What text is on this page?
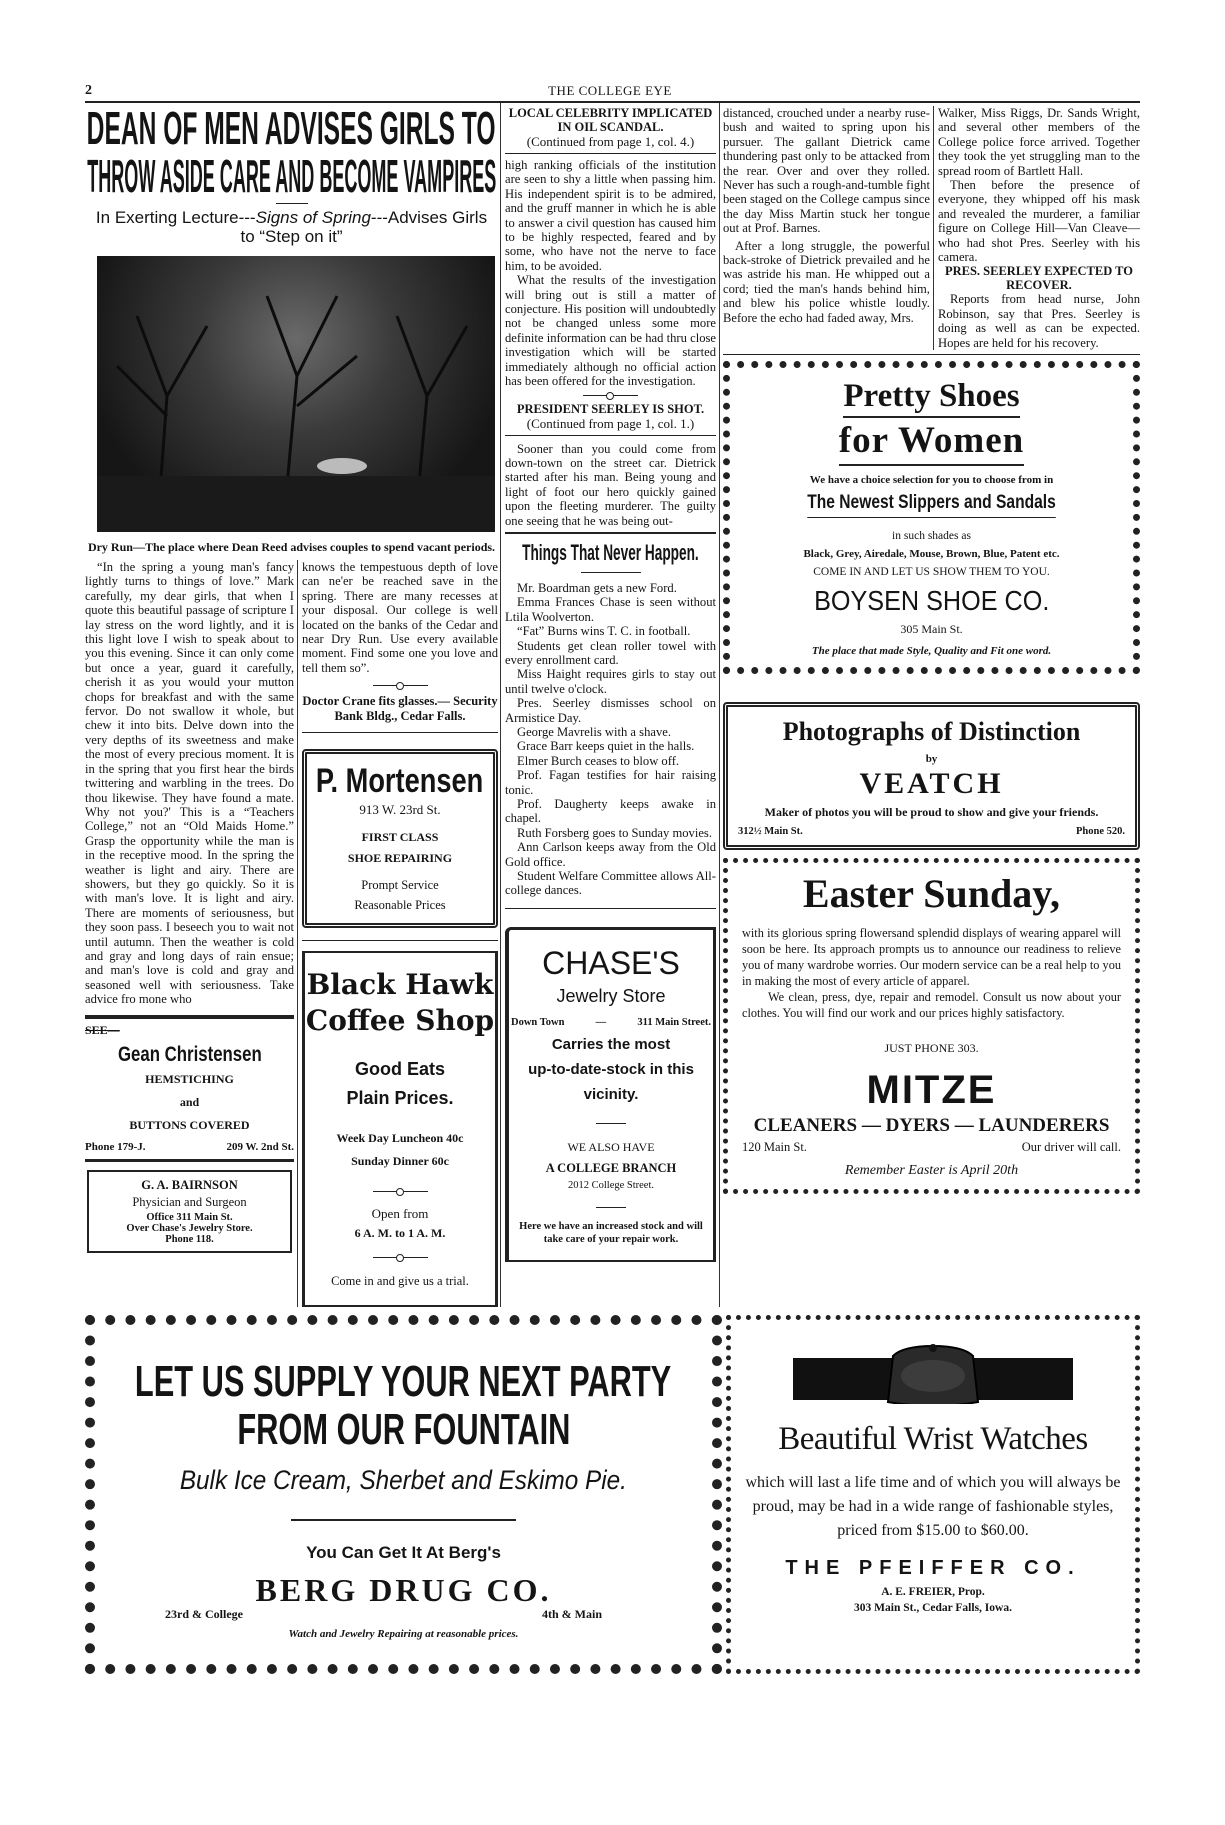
2	THE COLLEGE EYE
DEAN OF MEN ADVISES GIRLS TO
THROW ASIDE CARE AND BECOME VAMPIRES
In Exerting Lecture---Signs of Spring---Advises Girls to “Step on it”
Dry Run—The place where Dean Reed advises couples to spend vacant periods.

“In the spring a young man's fancy lightly turns to things of love.” Mark carefully, my dear girls, that when I quote this beautiful passage of scripture I lay stress on the word lightly, and it is this light love I wish to speak about to you this evening. Since it can only come but once a year, guard it carefully, cherish it as you would your mutton chops for breakfast and with the same fervor. Do not swallow it whole, but chew it into bits. Delve down into the very depths of its sweetness and make the most of every precious moment. It is in the spring that you first hear the birds twittering and warbling in the trees. Do thou likewise. They have found a mate. Why not you?' This is a “Teachers College,” not an “Old Maids Home.” Grasp the opportunity while the man is in the receptive mood. In the spring the weather is light and airy. There are showers, but they go quickly. So it is with man's love. It is light and airy. There are moments of seriousness, but they soon pass. I beseech you to wait not until autumn. Then the weather is cold and gray and long days of rain ensue; and man's love is cold and gray and seasoned well with seriousness. Take advice fro mone who

SEE—
Gean Christensen
HEMSTICHING
and
BUTTONS COVERED
Phone 179-J.	209 W. 2nd St.
G. A. BAIRNSON
Physician and Surgeon
Office 311 Main St.
Over Chase's Jewelry Store.
Phone 118.

knows the tempestuous depth of love can ne'er be reached save in the spring. There are many recesses at your disposal. Our college is well located on the banks of the Cedar and near Dry Run. Use every available moment. Find some one you love and tell them so”.

Doctor Crane fits glasses.— Security Bank Bldg., Cedar Falls.
P. Mortensen
913 W. 23rd St.
FIRST CLASS
SHOE REPAIRING
Prompt Service
Reasonable Prices
Black Hawk
Coffee Shop
Good Eats
Plain Prices.
Week Day Luncheon 40c
Sunday Dinner 60c
Open from
6 A. M. to 1 A. M.
Come in and give us a trial.
LOCAL CELEBRITY IMPLICATED IN OIL SCANDAL.
(Continued from page 1, col. 4.)

high ranking officials of the institution are seen to shy a little when passing him. His independent spirit is to be admired, and the gruff manner in which he is able to answer a civil question has caused him to be highly respected, feared and by some, who have not the nerve to face him, to be avoided.

What the results of the investigation will bring out is still a matter of conjecture. His position will undoubtedly not be changed unless some more definite information can be had thru close investigation which will be started immediately although no official action has been offered for the investigation.

PRESIDENT SEERLEY IS SHOT.
(Continued from page 1, col. 1.)

Sooner than you could come from down-town on the street car. Dietrick started after his man. Being young and light of foot our hero quickly gained upon the fleeting murderer. The guilty one seeing that he was being out-

Things That Never Happen.

Mr. Boardman gets a new Ford.

Emma Frances Chase is seen without Ltila Woolverton.

“Fat” Burns wins T. C. in football.

Students get clean roller towel with every enrollment card.

Miss Haight requires girls to stay out until twelve o'clock.

Pres. Seerley dismisses school on Armistice Day.

George Mavrelis with a shave.

Grace Barr keeps quiet in the halls.

Elmer Burch ceases to blow off.

Prof. Fagan testifies for hair raising tonic.

Prof. Daugherty keeps awake in chapel.

Ruth Forsberg goes to Sunday movies.

Ann Carlson keeps away from the Old Gold office.

Student Welfare Committee allows All-college dances.

CHASE'S
Jewelry Store
Down Town	—	311 Main Street.
Carries the most
up-to-date-stock in this
vicinity.
WE ALSO HAVE
A COLLEGE BRANCH
2012 College Street.
Here we have an increased stock and will take care of your repair work.

distanced, crouched under a nearby ruse-bush and waited to spring upon his pursuer. The gallant Dietrick came thundering past only to be attacked from the rear. Over and over they rolled. Never has such a rough-and-tumble fight been staged on the College campus since the day Miss Martin stuck her tongue out at Prof. Barnes.

After a long struggle, the powerful back-stroke of Dietrick prevailed and he was astride his man. He whipped out a cord; tied the man's hands behind him, and blew his police whistle loudly. Before the echo had faded away, Mrs.

Walker, Miss Riggs, Dr. Sands Wright, and several other members of the College police force arrived. Together they took the yet struggling man to the spread room of Bartlett Hall.

Then before the presence of everyone, they whipped off his mask and revealed the murderer, a familiar figure on College Hill—Van Cleave—who had shot Pres. Seerley with his camera.

PRES. SEERLEY EXPECTED TO RECOVER.

Reports from head nurse, John Robinson, say that Pres. Seerley is doing as well as can be expected. Hopes are held for his recovery.

Pretty Shoes
for Women
We have a choice selection for you to choose from in
The Newest Slippers and Sandals
in such shades as
Black, Grey, Airedale, Mouse, Brown, Blue, Patent etc.
COME IN AND LET US SHOW THEM TO YOU.
BOYSEN SHOE CO.
305 Main St.
The place that made Style, Quality and Fit one word.
Photographs of Distinction
by
VEATCH
Maker of photos you will be proud to show and give your friends.
312½ Main St.	Phone 520.
Easter Sunday,

with its glorious spring flowersand splendid displays of wearing apparel will soon be here. Its approach prompts us to announce our readiness to relieve you of many wardrobe worries. Our modern service can be a real help to you in making the most of every article of apparel.

We clean, press, dye, repair and remodel. Consult us now about your clothes. You will find our work and our prices highly satisfactory.

JUST PHONE 303.
MITZE
CLEANERS — DYERS — LAUNDERERS
120 Main St.	Our driver will call.
Remember Easter is April 20th
LET US SUPPLY YOUR NEXT PARTY
FROM OUR FOUNTAIN
Bulk Ice Cream, Sherbet and Eskimo Pie.
You Can Get It At Berg's
BERG DRUG CO.
23rd & College	4th & Main
Watch and Jewelry Repairing at reasonable prices.
Beautiful Wrist Watches
which will last a life time and of which you will always be proud, may be had in a wide range of fashionable styles, priced from $15.00 to $60.00.
THE PFEIFFER CO.
A. E. FREIER, Prop.
303 Main St., Cedar Falls, Iowa.
